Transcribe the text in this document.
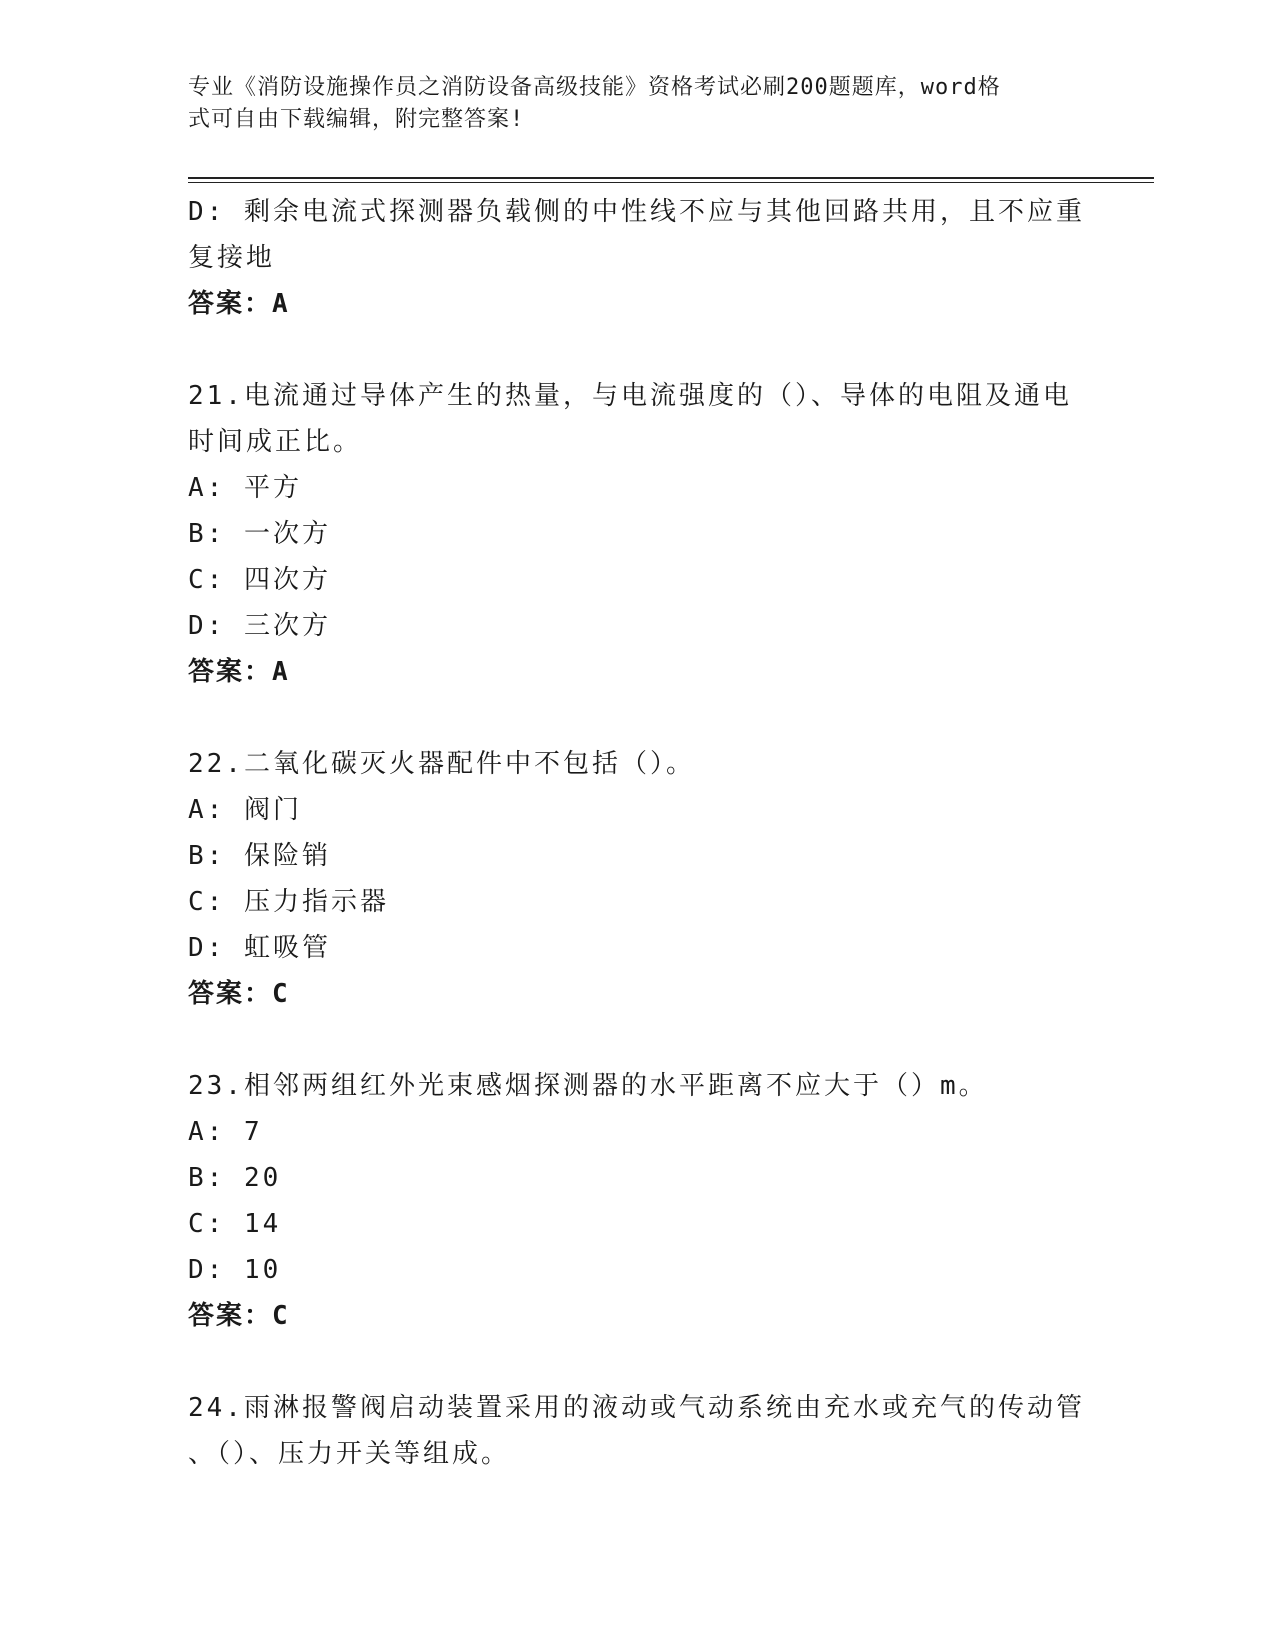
专业《消防设施操作员之消防设备高级技能》资格考试必刷200题题库，word格
式可自由下载编辑，附完整答案!
D: 剩余电流式探测器负载侧的中性线不应与其他回路共用，且不应重
复接地
答案：A
21.电流通过导体产生的热量，与电流强度的（）、导体的电阻及通电
时间成正比。
A: 平方
B: 一次方
C: 四次方
D: 三次方
答案：A
22.二氧化碳灭火器配件中不包括（）。
A: 阀门
B: 保险销
C: 压力指示器
D: 虹吸管
答案：C
23.相邻两组红外光束感烟探测器的水平距离不应大于（）m。
A: 7
B: 20
C: 14
D: 10
答案：C
24.雨淋报警阀启动装置采用的液动或气动系统由充水或充气的传动管
、（）、压力开关等组成。
